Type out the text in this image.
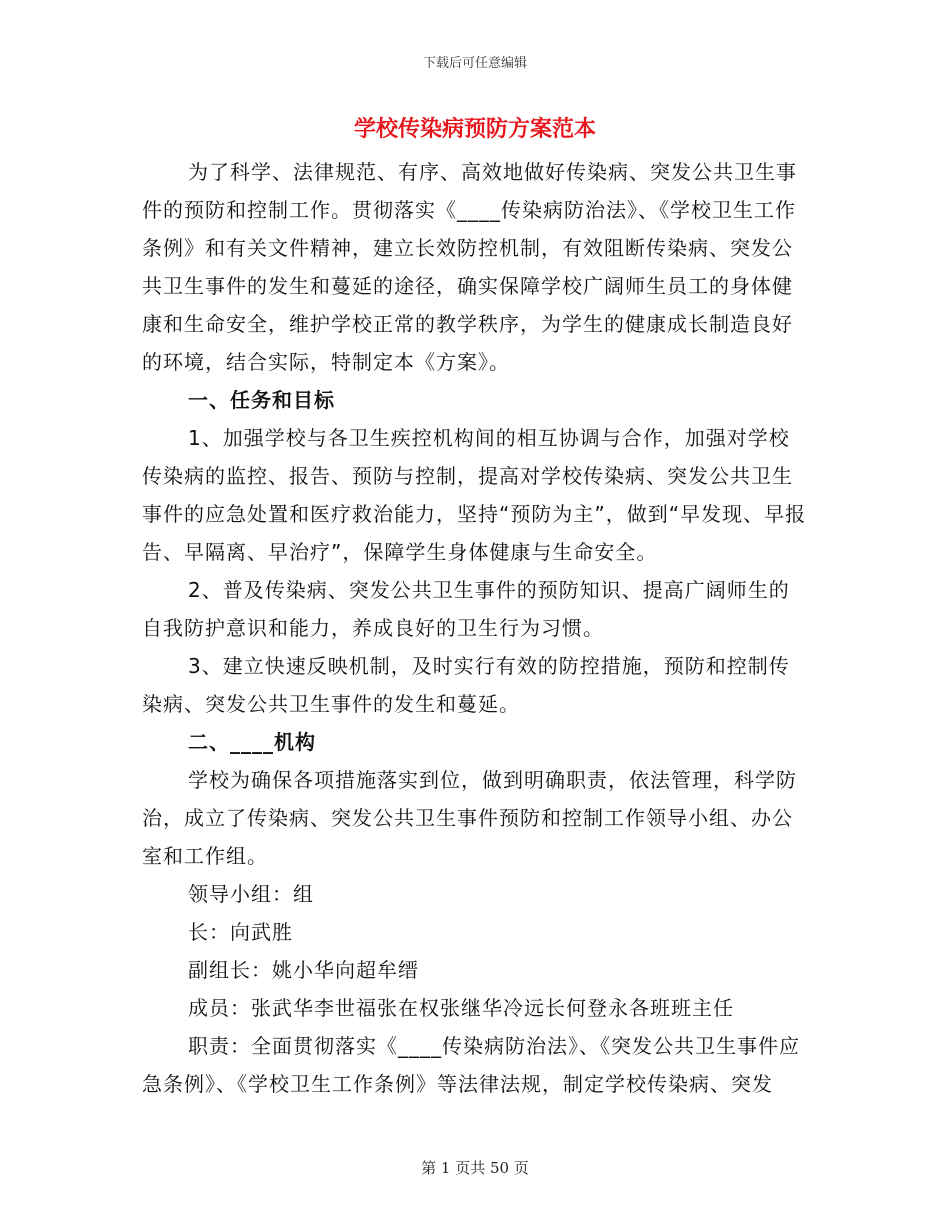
下载后可任意编辑
学校传染病预防方案范本

为了科学、法律规范、有序、高效地做好传染病、突发公共卫生事件的预防和控制工作。贯彻落实《____传染病防治法》、《学校卫生工作条例》和有关文件精神，建立长效防控机制，有效阻断传染病、突发公共卫生事件的发生和蔓延的途径，确实保障学校广阔师生员工的身体健康和生命安全，维护学校正常的教学秩序，为学生的健康成长制造良好的环境，结合实际，特制定本《方案》。

一、任务和目标

1、加强学校与各卫生疾控机构间的相互协调与合作，加强对学校传染病的监控、报告、预防与控制，提高对学校传染病、突发公共卫生事件的应急处置和医疗救治能力，坚持“预防为主”，做到“早发现、早报告、早隔离、早治疗”，保障学生身体健康与生命安全。

2、普及传染病、突发公共卫生事件的预防知识、提高广阔师生的自我防护意识和能力，养成良好的卫生行为习惯。

3、建立快速反映机制，及时实行有效的防控措施，预防和控制传染病、突发公共卫生事件的发生和蔓延。

二、____机构

学校为确保各项措施落实到位，做到明确职责，依法管理，科学防治，成立了传染病、突发公共卫生事件预防和控制工作领导小组、办公室和工作组。

领导小组：组

长：向武胜

副组长：姚小华向超牟缙

成员：张武华李世福张在权张继华冷远长何登永各班班主任

职责：全面贯彻落实《____传染病防治法》、《突发公共卫生事件应急条例》、《学校卫生工作条例》等法律法规，制定学校传染病、突发

第 1 页共 50 页
